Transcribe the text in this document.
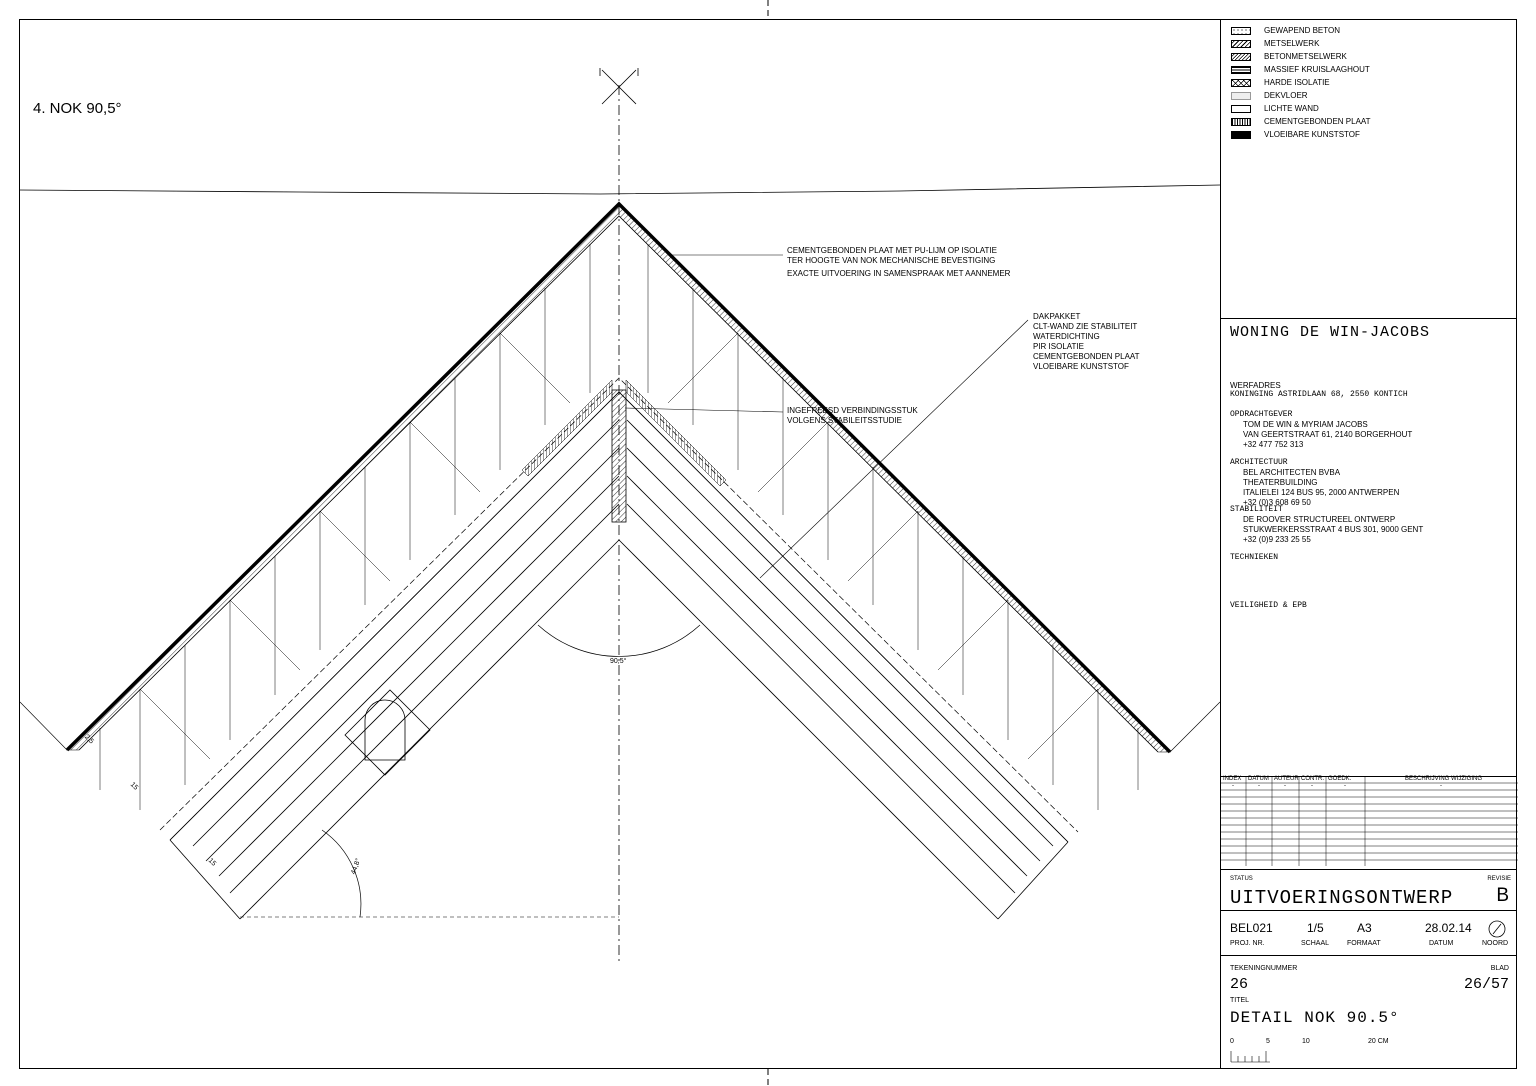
4. NOK 90,5°
CEMENTGEBONDEN PLAAT MET PU-LIJM OP ISOLATIE
TER HOOGTE VAN NOK MECHANISCHE BEVESTIGING
EXACTE UITVOERING IN SAMENSPRAAK MET AANNEMER
DAKPAKKET
CLT-WAND ZIE STABILITEIT
WATERDICHTING
PIR ISOLATIE
CEMENTGEBONDEN PLAAT
VLOEIBARE KUNSTSTOF
INGEFREESD VERBINDINGSSTUK
VOLGENS STABILEITSSTUDIE
90,5°
44,8°
2,5
15
15
GEWAPEND BETON
METSELWERK
BETONMETSELWERK
MASSIEF KRUISLAAGHOUT
HARDE ISOLATIE
DEKVLOER
LICHTE WAND
CEMENTGEBONDEN PLAAT
VLOEIBARE KUNSTSTOF
WONING DE WIN-JACOBS
WERFADRES
KONINGING ASTRIDLAAN 68, 2550 KONTICH
OPDRACHTGEVER
TOM DE WIN & MYRIAM JACOBS
VAN GEERTSTRAAT 61, 2140 BORGERHOUT
+32 477 752 313
ARCHITECTUUR
BEL ARCHITECTEN BVBA
THEATERBUILDING
ITALIELEI 124 BUS 95, 2000 ANTWERPEN
+32 (0)3 608 69 50
STABILITEIT
DE ROOVER STRUCTUREEL ONTWERP
STUKWERKERSSTRAAT 4 BUS 301, 9000 GENT
+32 (0)9 233 25 55
TECHNIEKEN
VEILIGHEID & EPB
INDEX DATUM AUTEUR CONTR. GOEDK.	BESCHRIJVING WIJZIGING
-	-	-	-	-	-
STATUS	REVISIE
UITVOERINGSONTWERP B
BEL021
PROJ. NR.
1/5
SCHAAL
A3
FORMAAT
28.02.14
DATUM	NOORD
TEKENINGNUMMER	BLAD
26	26/57
TITEL
DETAIL NOK 90.5°
0	5	10	20 CM
